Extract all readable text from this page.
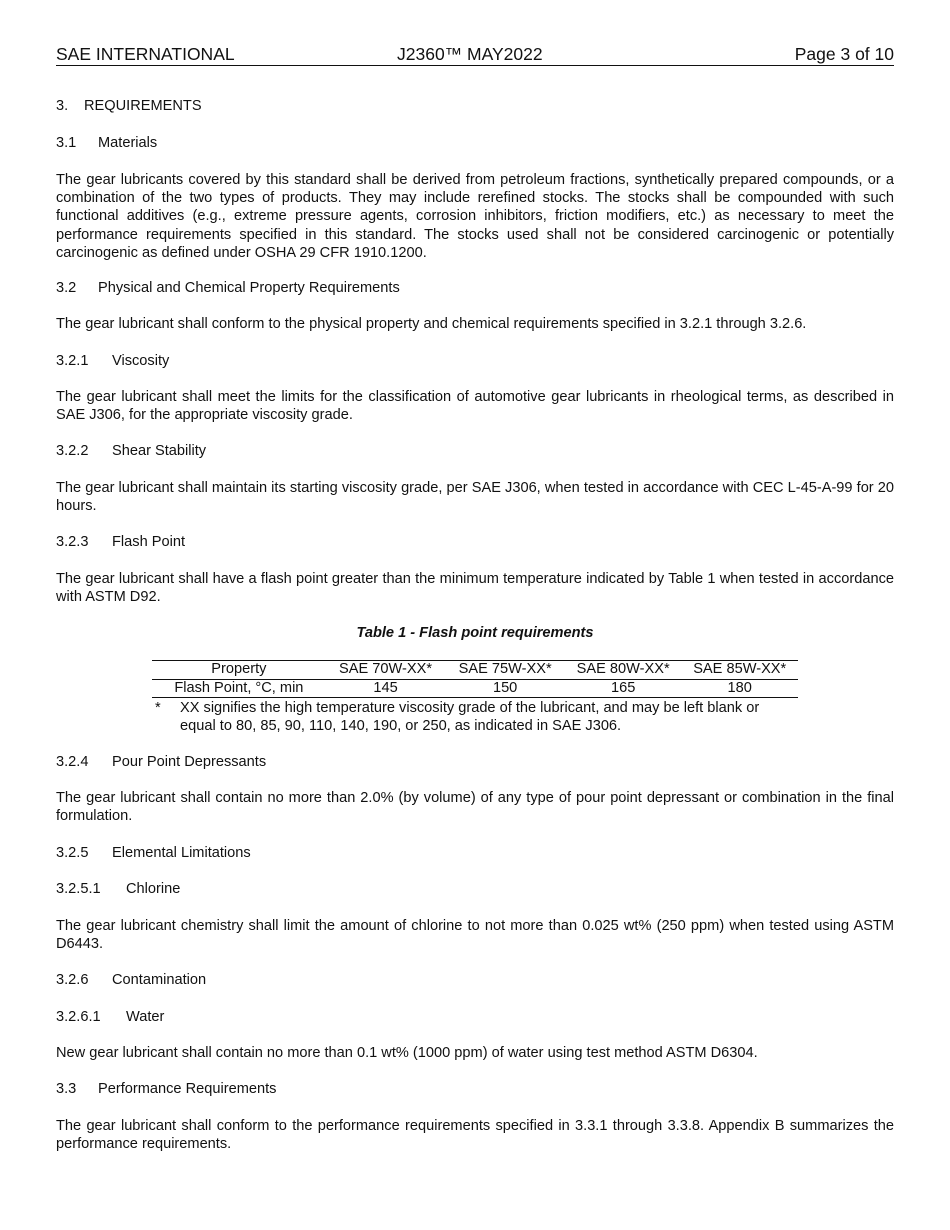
SAE INTERNATIONAL	J2360™ MAY2022	Page 3 of 10
3. REQUIREMENTS
3.1 Materials
The gear lubricants covered by this standard shall be derived from petroleum fractions, synthetically prepared compounds, or a combination of the two types of products. They may include rerefined stocks. The stocks shall be compounded with such functional additives (e.g., extreme pressure agents, corrosion inhibitors, friction modifiers, etc.) as necessary to meet the performance requirements specified in this standard. The stocks used shall not be considered carcinogenic or potentially carcinogenic as defined under OSHA 29 CFR 1910.1200.
3.2 Physical and Chemical Property Requirements
The gear lubricant shall conform to the physical property and chemical requirements specified in 3.2.1 through 3.2.6.
3.2.1 Viscosity
The gear lubricant shall meet the limits for the classification of automotive gear lubricants in rheological terms, as described in SAE J306, for the appropriate viscosity grade.
3.2.2 Shear Stability
The gear lubricant shall maintain its starting viscosity grade, per SAE J306, when tested in accordance with CEC L-45-A-99 for 20 hours.
3.2.3 Flash Point
The gear lubricant shall have a flash point greater than the minimum temperature indicated by Table 1 when tested in accordance with ASTM D92.
Table 1 - Flash point requirements
Property	SAE 70W-XX*	SAE 75W-XX*	SAE 80W-XX*	SAE 85W-XX*
Flash Point, °C, min	145	150	165	180
* XX signifies the high temperature viscosity grade of the lubricant, and may be left blank or equal to 80, 85, 90, 110, 140, 190, or 250, as indicated in SAE J306.
3.2.4 Pour Point Depressants
The gear lubricant shall contain no more than 2.0% (by volume) of any type of pour point depressant or combination in the final formulation.
3.2.5 Elemental Limitations
3.2.5.1 Chlorine
The gear lubricant chemistry shall limit the amount of chlorine to not more than 0.025 wt% (250 ppm) when tested using ASTM D6443.
3.2.6 Contamination
3.2.6.1 Water
New gear lubricant shall contain no more than 0.1 wt% (1000 ppm) of water using test method ASTM D6304.
3.3 Performance Requirements
The gear lubricant shall conform to the performance requirements specified in 3.3.1 through 3.3.8. Appendix B summarizes the performance requirements.
